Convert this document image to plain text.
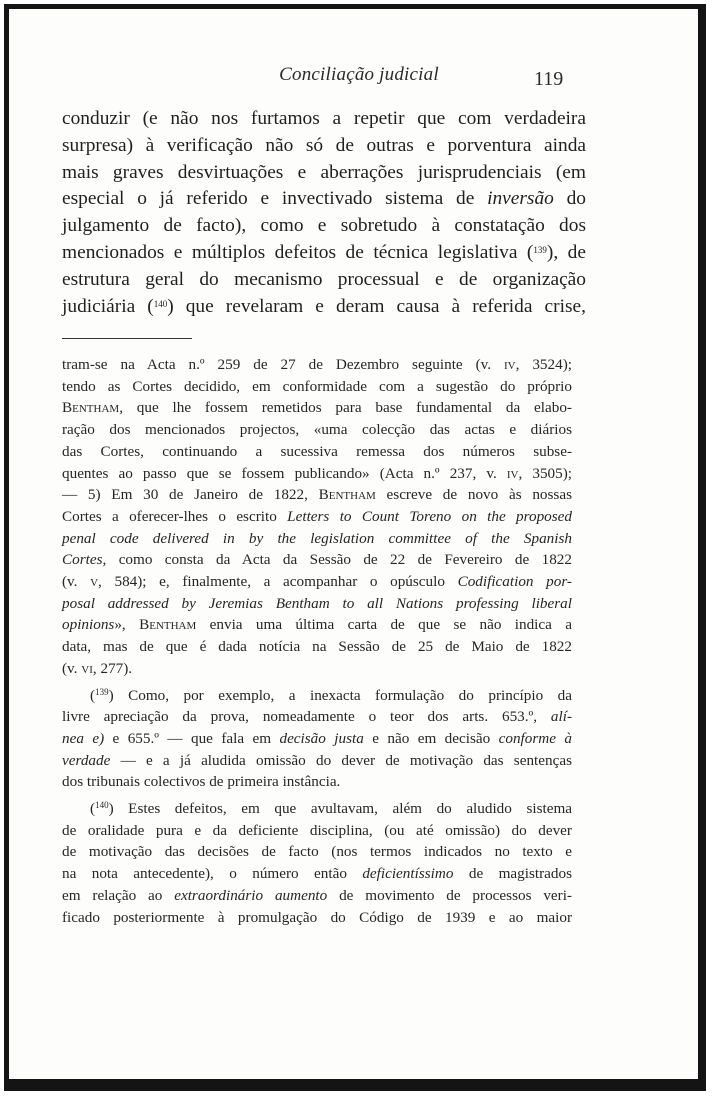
Conciliação judicial	119
conduzir (e não nos furtamos a repetir que com verdadeira
surpresa) à verificação não só de outras e porventura ainda
mais graves desvirtuações e aberrações jurisprudenciais (em
especial o já referido e invectivado sistema de inversão do
julgamento de facto), como e sobretudo à constatação dos
mencionados e múltiplos defeitos de técnica legislativa ($^{139}$), de
estrutura geral do mecanismo processual e de organização
judiciária ($^{140}$) que revelaram e deram causa à referida crise,
tram-se na Acta n.º 259 de 27 de Dezembro seguinte (v. iv, 3524);
tendo as Cortes decidido, em conformidade com a sugestão do próprio
Bentham, que lhe fossem remetidos para base fundamental da elabo-
ração dos mencionados projectos, «uma colecção das actas e diários
das Cortes, continuando a sucessiva remessa dos números subse-
quentes ao passo que se fossem publicando» (Acta n.º 237, v. iv, 3505);
— 5) Em 30 de Janeiro de 1822, Bentham escreve de novo às nossas
Cortes a oferecer-lhes o escrito Letters to Count Toreno on the proposed
penal code delivered in by the legislation committee of the Spanish
Cortes, como consta da Acta da Sessão de 22 de Fevereiro de 1822
(v. v, 584); e, finalmente, a acompanhar o opúsculo Codification por-
posal addressed by Jeremias Bentham to all Nations professing liberal
opinions», Bentham envia uma última carta de que se não indica a
data, mas de que é dada notícia na Sessão de 25 de Maio de 1822
(v. vi, 277).
($^{139}$) Como, por exemplo, a inexacta formulação do princípio da
livre apreciação da prova, nomeadamente o teor dos arts. 653.º, alí-
nea e) e 655.º — que fala em decisão justa e não em decisão conforme à
verdade — e a já aludida omissão do dever de motivação das sentenças
dos tribunais colectivos de primeira instância.
($^{140}$) Estes defeitos, em que avultavam, além do aludido sistema
de oralidade pura e da deficiente disciplina, (ou até omissão) do dever
de motivação das decisões de facto (nos termos indicados no texto e
na nota antecedente), o número então deficientíssimo de magistrados
em relação ao extraordinário aumento de movimento de processos veri-
ficado posteriormente à promulgação do Código de 1939 e ao maior
